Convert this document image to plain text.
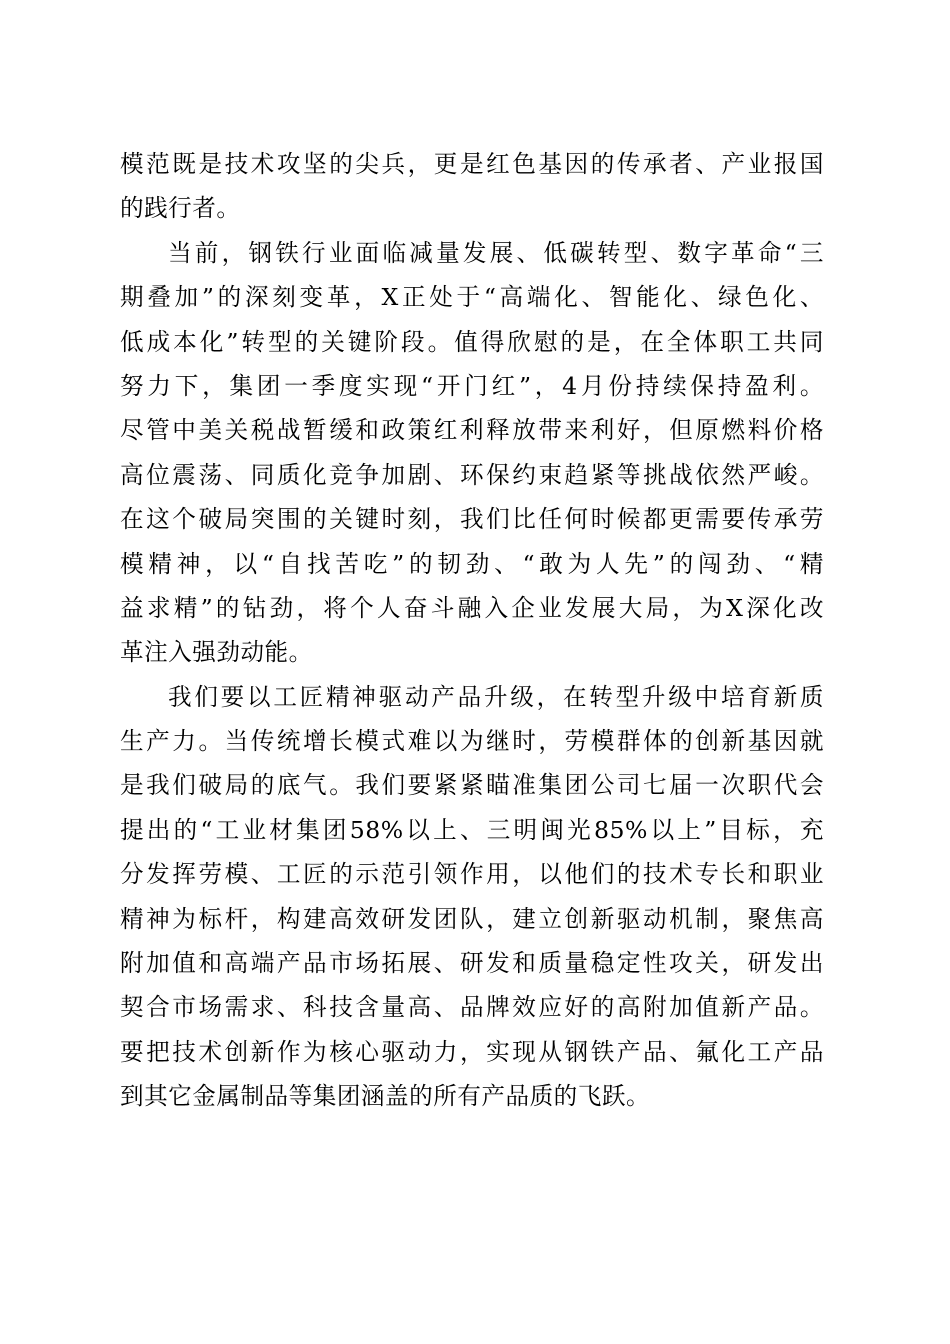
模范既是技术攻坚的尖兵，更是红色基因的传承者、产业报国
的践行者。
当前，钢铁行业面临减量发展、低碳转型、数字革命“三
期叠加”的深刻变革，X正处于“高端化、智能化、绿色化、
低成本化”转型的关键阶段。值得欣慰的是，在全体职工共同
努力下，集团一季度实现“开门红”，4月份持续保持盈利。
尽管中美关税战暂缓和政策红利释放带来利好，但原燃料价格
高位震荡、同质化竞争加剧、环保约束趋紧等挑战依然严峻。
在这个破局突围的关键时刻，我们比任何时候都更需要传承劳
模精神，以“自找苦吃”的韧劲、“敢为人先”的闯劲、“精
益求精”的钻劲，将个人奋斗融入企业发展大局，为X深化改
革注入强劲动能。
我们要以工匠精神驱动产品升级，在转型升级中培育新质
生产力。当传统增长模式难以为继时，劳模群体的创新基因就
是我们破局的底气。我们要紧紧瞄准集团公司七届一次职代会
提出的“工业材集团58%以上、三明闽光85%以上”目标，充
分发挥劳模、工匠的示范引领作用，以他们的技术专长和职业
精神为标杆，构建高效研发团队，建立创新驱动机制，聚焦高
附加值和高端产品市场拓展、研发和质量稳定性攻关，研发出
契合市场需求、科技含量高、品牌效应好的高附加值新产品。
要把技术创新作为核心驱动力，实现从钢铁产品、氟化工产品
到其它金属制品等集团涵盖的所有产品质的飞跃。
